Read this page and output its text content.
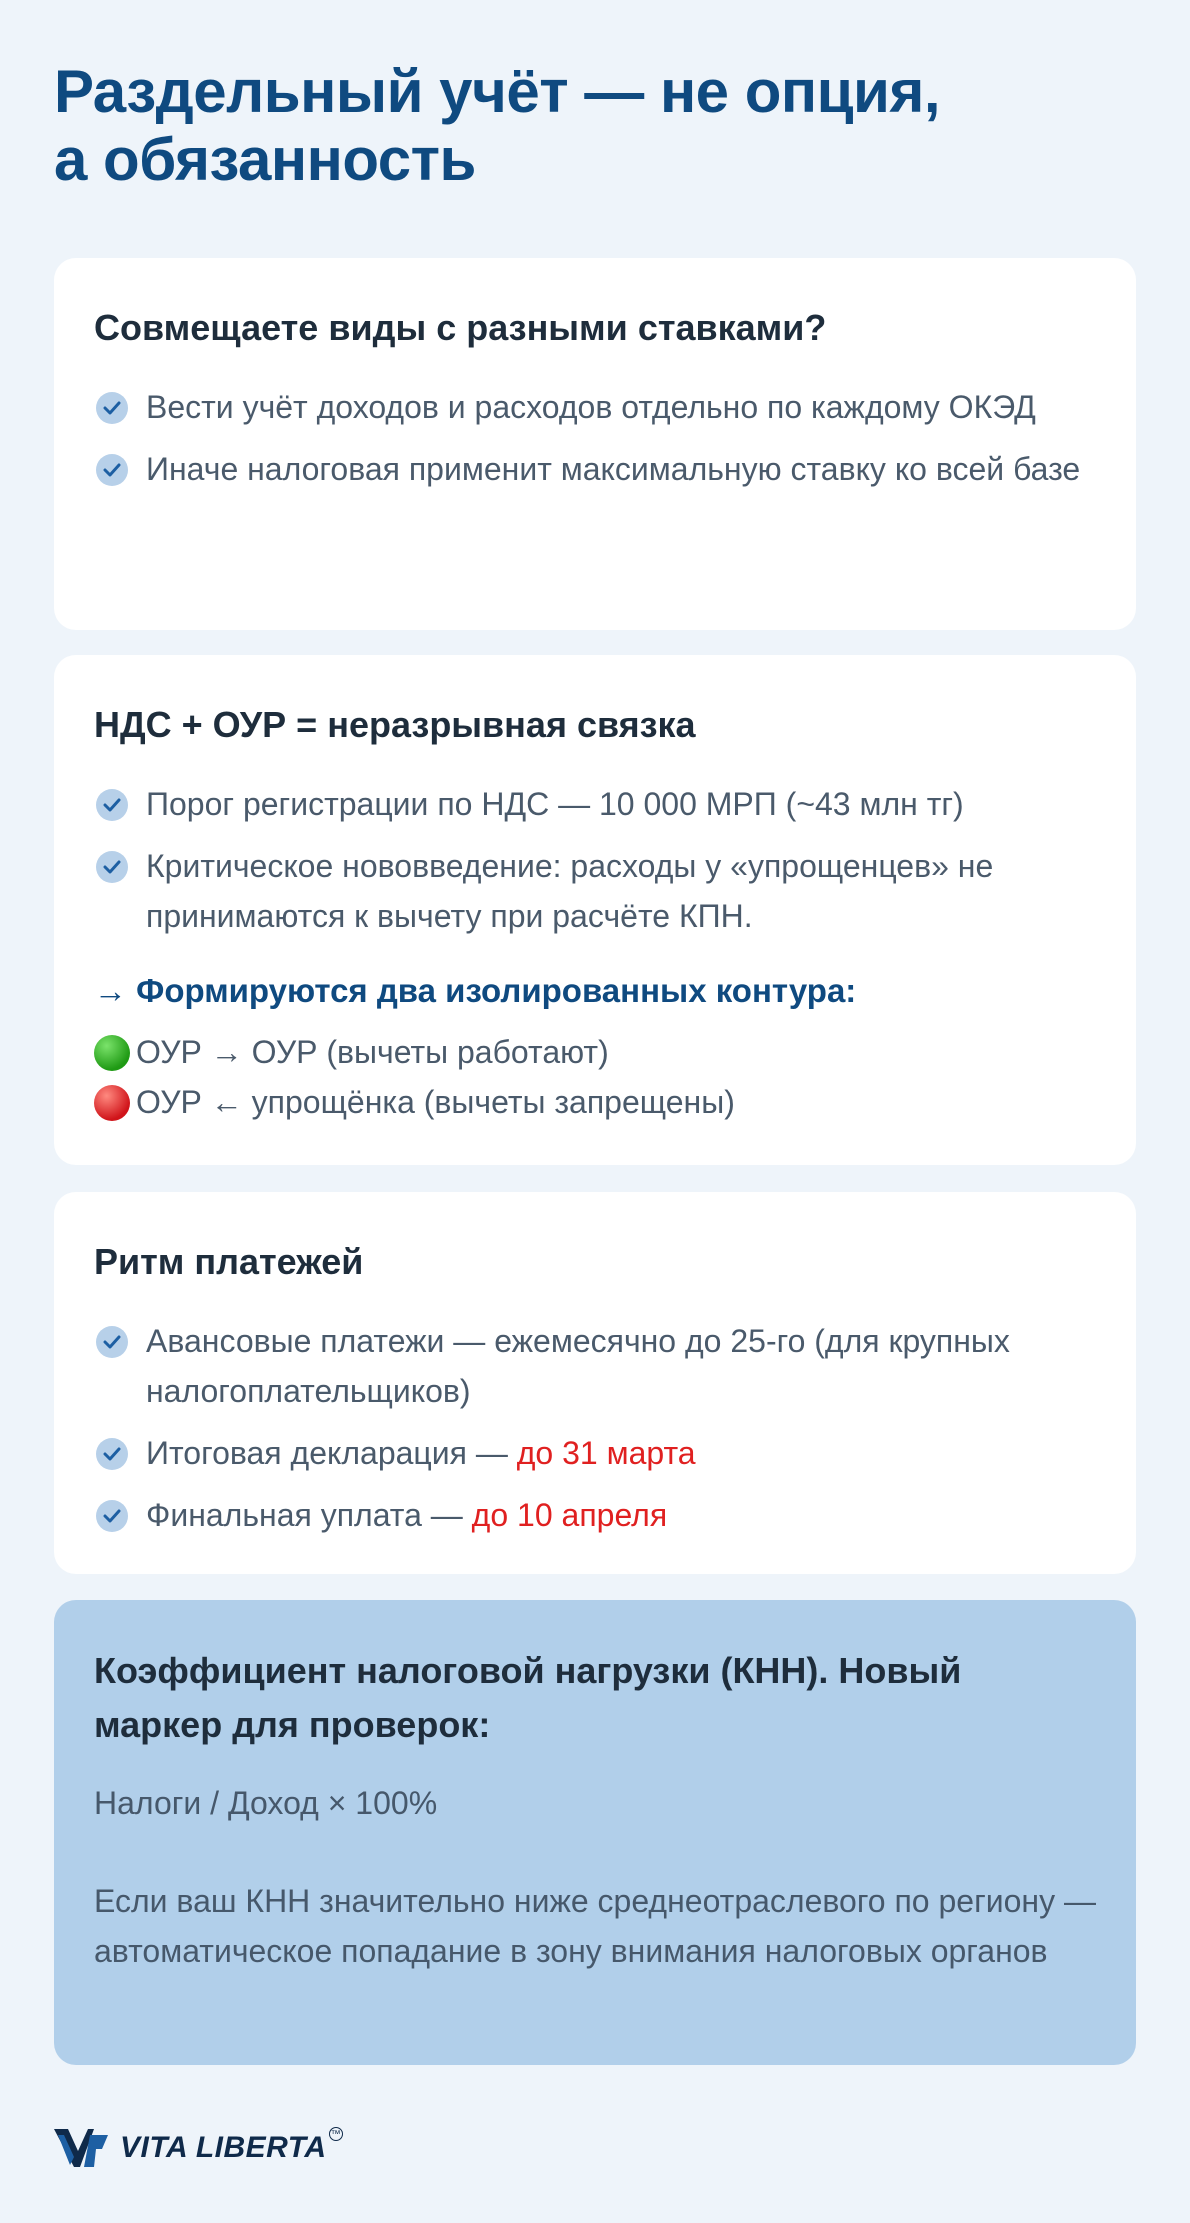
Раздельный учёт — не опция,
а обязанность
Совмещаете виды с разными ставками?
Вести учёт доходов и расходов отдельно по каждому ОКЭД
Иначе налоговая применит максимальную ставку ко всей базе
НДС + ОУР = неразрывная связка
Порог регистрации по НДС — 10 000 МРП (~43 млн тг)
Критическое нововведение: расходы у «упрощенцев» не принимаются к вычету при расчёте КПН.
→ Формируются два изолированных контура:
ОУР → ОУР (вычеты работают)
ОУР ← упрощёнка (вычеты запрещены)
Ритм платежей
Авансовые платежи — ежемесячно до 25-го (для крупных налогоплательщиков)
Итоговая декларация — до 31 марта
Финальная уплата — до 10 апреля
Коэффициент налоговой нагрузки (КНН). Новый маркер для проверок:
Налоги / Доход × 100%
Если ваш КНН значительно ниже среднеотраслевого по региону — автоматическое попадание в зону внимания налоговых органов
VITA LIBERTA ™
